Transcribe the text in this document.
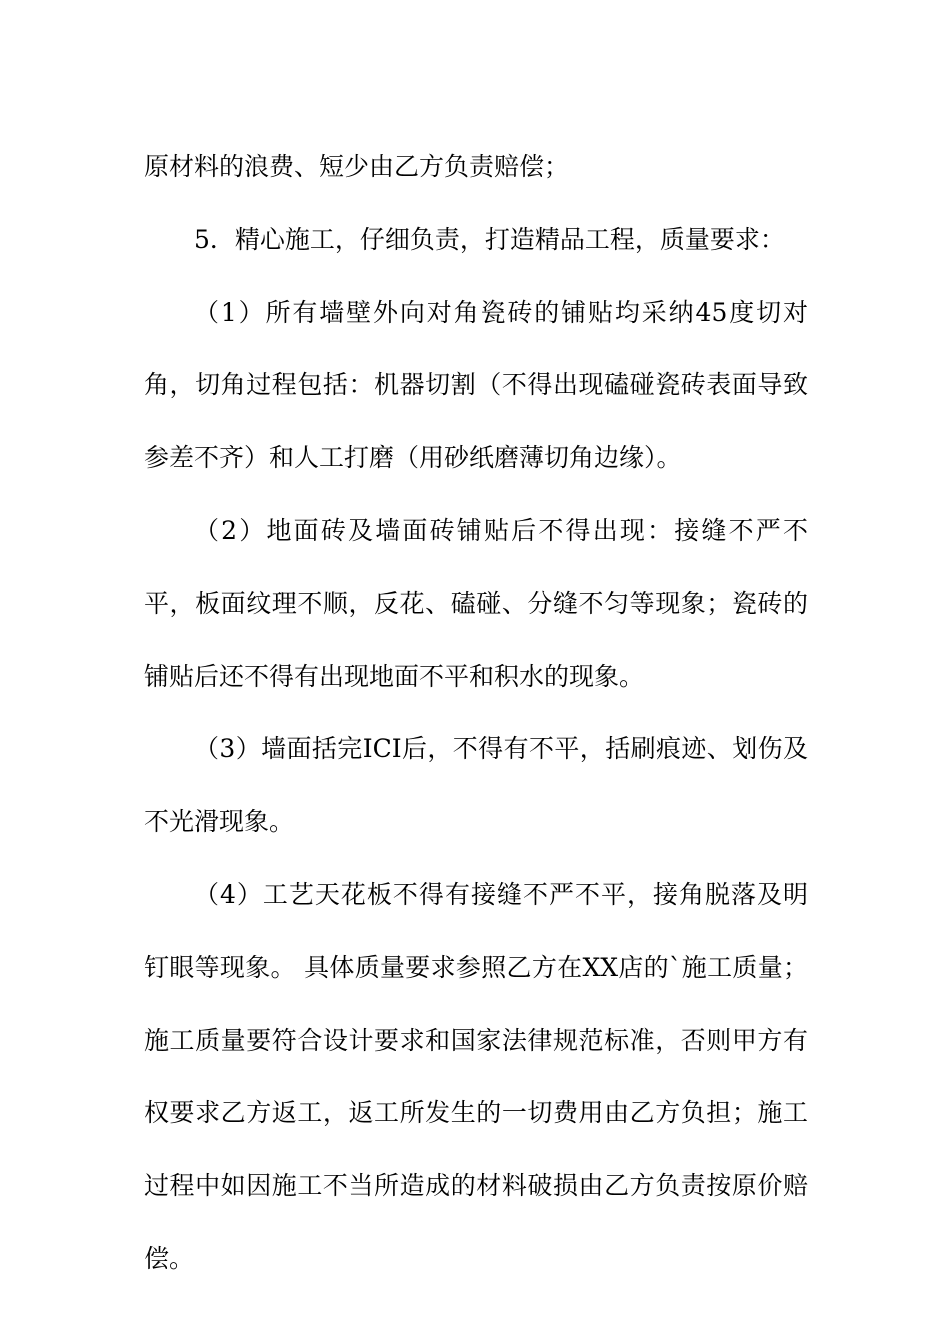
原材料的浪费、短少由乙方负责赔偿；

5．精心施工，仔细负责，打造精品工程，质量要求：

（1）所有墙壁外向对角瓷砖的铺贴均采纳45度切对角，切角过程包括：机器切割（不得出现磕碰瓷砖表面导致参差不齐）和人工打磨（用砂纸磨薄切角边缘）。

（2）地面砖及墙面砖铺贴后不得出现：接缝不严不平，板面纹理不顺，反花、磕碰、分缝不匀等现象；瓷砖的铺贴后还不得有出现地面不平和积水的现象。

（3）墙面括完ICI后，不得有不平，括刷痕迹、划伤及不光滑现象。

（4）工艺天花板不得有接缝不严不平，接角脱落及明钉眼等现象。 具体质量要求参照乙方在XX店的`施工质量；施工质量要符合设计要求和国家法律规范标准，否则甲方有权要求乙方返工，返工所发生的一切费用由乙方负担；施工过程中如因施工不当所造成的材料破损由乙方负责按原价赔偿。
